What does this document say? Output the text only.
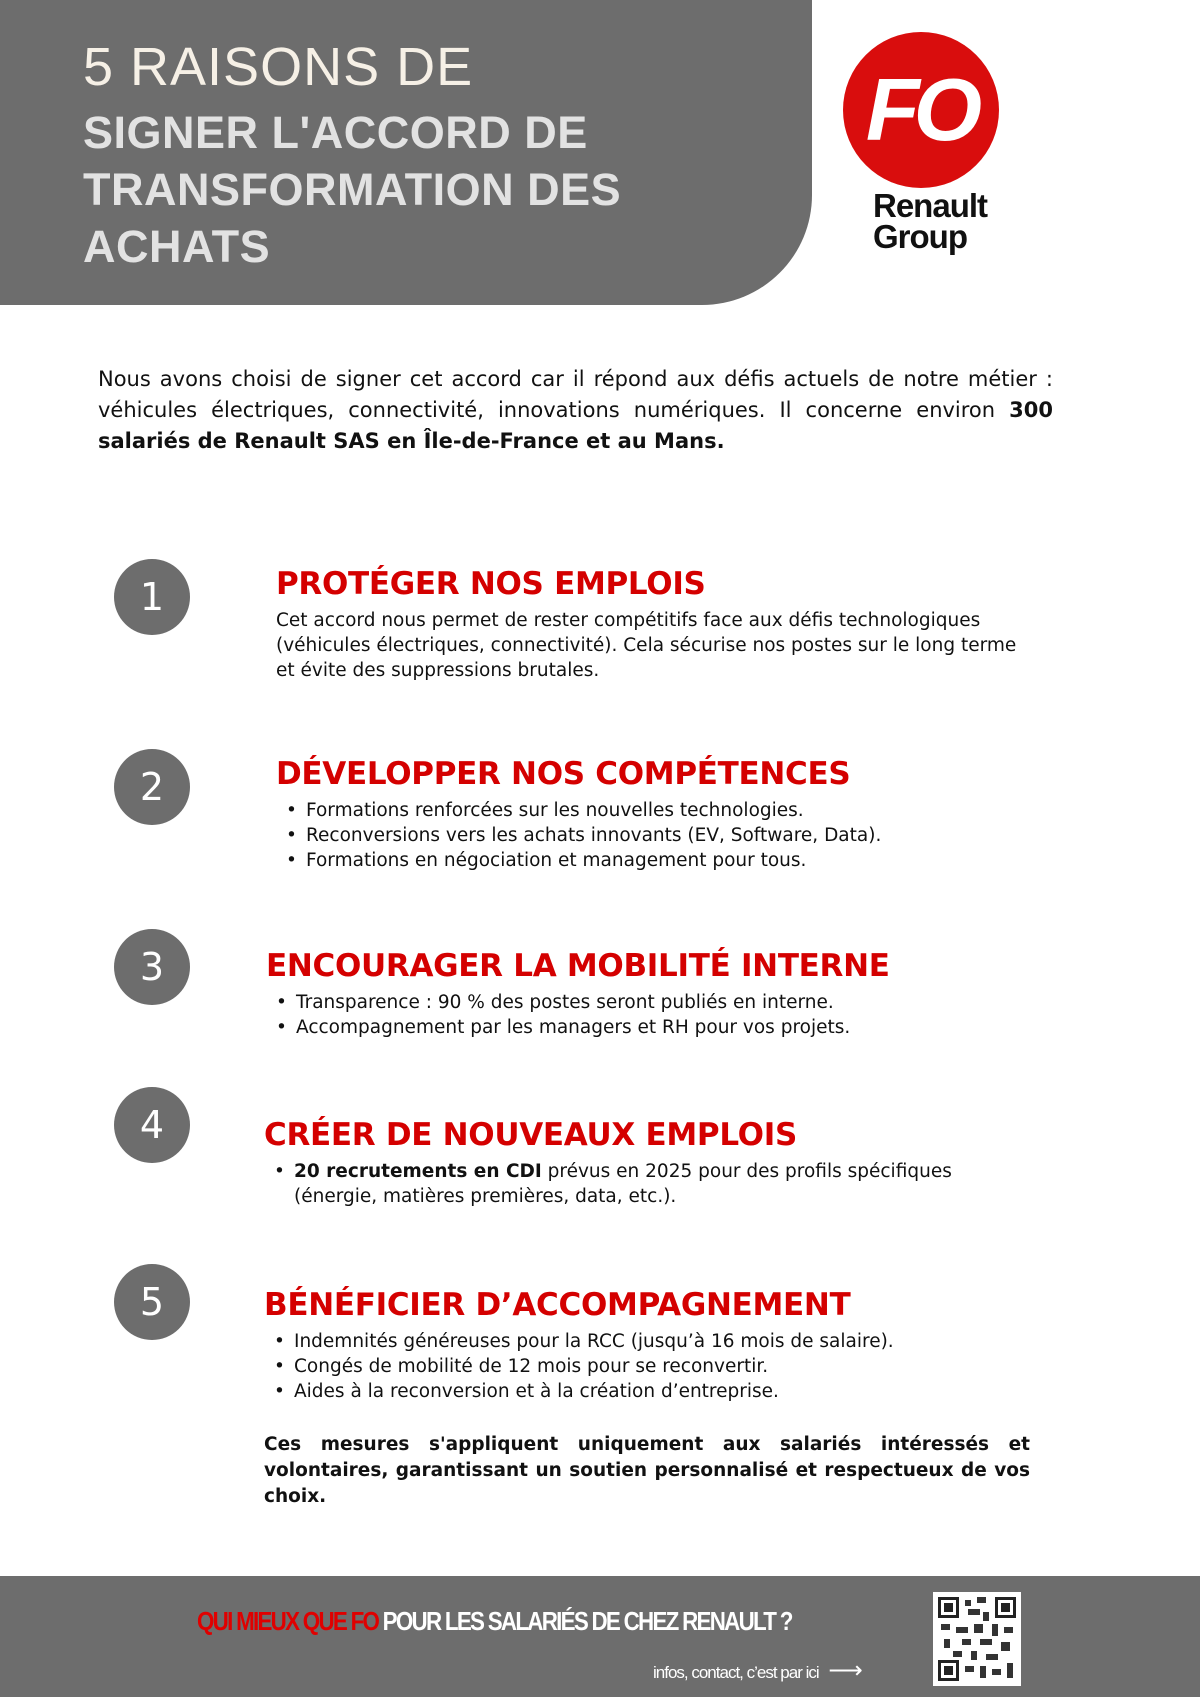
5 RAISONS DE
SIGNER L'ACCORD DE
TRANSFORMATION DES
ACHATS
FO
Renault
Group
Nous avons choisi de signer cet accord car il répond aux défis actuels de notre métier : véhicules électriques, connectivité, innovations numériques. Il concerne environ 300 salariés de Renault SAS en Île-de-France et au Mans.
1	PROTÉGER NOS EMPLOIS

Cet accord nous permet de rester compétitifs face aux défis technologiques (véhicules électriques, connectivité). Cela sécurise nos postes sur le long terme et évite des suppressions brutales.

2	DÉVELOPPER NOS COMPÉTENCES
• Formations renforcées sur les nouvelles technologies.
• Reconversions vers les achats innovants (EV, Software, Data).
• Formations en négociation et management pour tous.
3	ENCOURAGER LA MOBILITÉ INTERNE
• Transparence : 90 % des postes seront publiés en interne.
• Accompagnement par les managers et RH pour vos projets.
4	CRÉER DE NOUVEAUX EMPLOIS
• 20 recrutements en CDI prévus en 2025 pour des profils spécifiques (énergie, matières premières, data, etc.).
5	BÉNÉFICIER D’ACCOMPAGNEMENT
• Indemnités généreuses pour la RCC (jusqu’à 16 mois de salaire).
• Congés de mobilité de 12 mois pour se reconvertir.
• Aides à la reconversion et à la création d’entreprise.
Ces mesures s'appliquent uniquement aux salariés intéressés et volontaires, garantissant un soutien personnalisé et respectueux de vos choix.
QUI MIEUX QUE FO POUR LES SALARIÉS DE CHEZ RENAULT ?
infos, contact, c’est par ici ⟶
